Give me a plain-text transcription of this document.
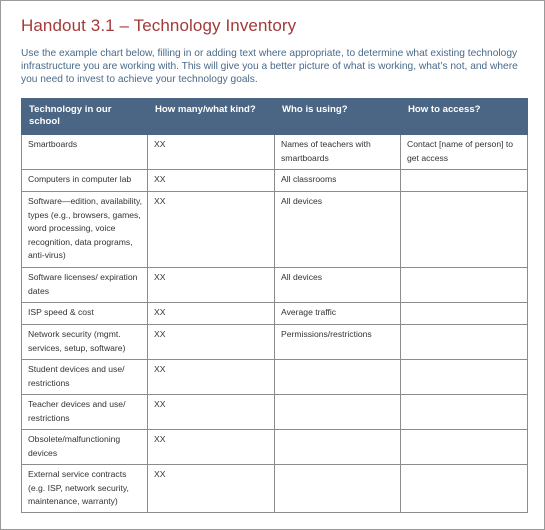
Handout 3.1 – Technology Inventory
Use the example chart below, filling in or adding text where appropriate, to determine what existing technology infrastructure you are working with. This will give you a better picture of what is working, what’s not, and where you need to invest to achieve your technology goals.
Technology in our school	How many/what kind?	Who is using?	How to access?
Smartboards	XX	Names of teachers with smartboards	Contact [name of person] to get access
Computers in computer lab	XX	All classrooms	
Software—edition, availability, types (e.g., browsers, games, word processing, voice recognition, data programs, anti-virus)	XX	All devices	
Software licenses/ expiration dates	XX	All devices	
ISP speed & cost	XX	Average traffic	
Network security (mgmt. services, setup, software)	XX	Permissions/restrictions	
Student devices and use/ restrictions	XX		
Teacher devices and use/ restrictions	XX		
Obsolete/malfunctioning devices	XX		
External service contracts (e.g. ISP, network security, maintenance, warranty)	XX		
